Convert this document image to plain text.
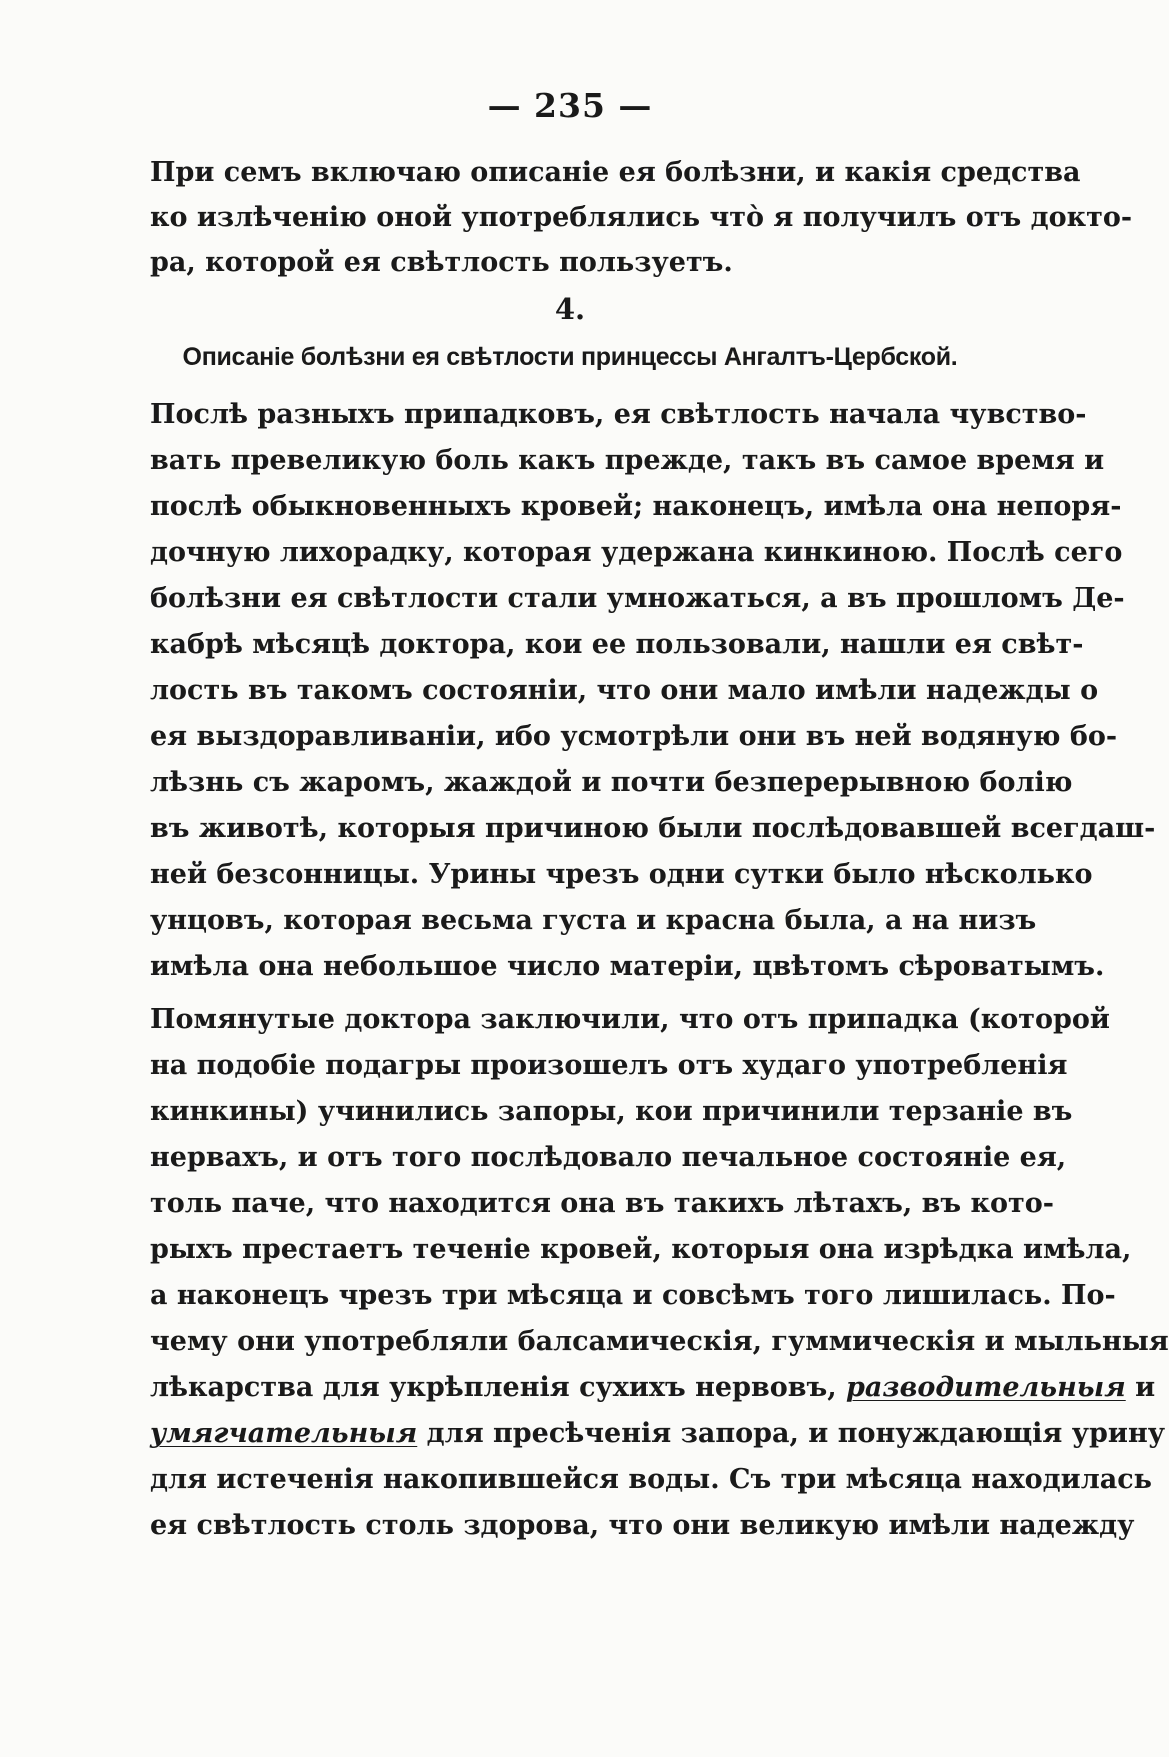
— 235 —
При семъ включаю описаніе ея болѣзни, и какія средства
ко излѣченію оной употреблялись чтò я получилъ отъ докто-
ра, которой ея свѣтлость пользуетъ.
4.
Описаніе болѣзни ея свѣтлости принцессы Ангалтъ-Цербской.
Послѣ разныхъ припадковъ, ея свѣтлость начала чувство-
вать превеликую боль какъ прежде, такъ въ самое время и
послѣ обыкновенныхъ кровей; наконецъ, имѣла она непоря-
дочную лихорадку, которая удержана кинкиною. Послѣ сего
болѣзни ея свѣтлости стали умножаться, а въ прошломъ Де-
кабрѣ мѣсяцѣ доктора, кои ее пользовали, нашли ея свѣт-
лость въ такомъ состояніи, что они мало имѣли надежды о
ея выздоравливаніи, ибо усмотрѣли они въ ней водяную бо-
лѣзнь съ жаромъ, жаждой и почти безперерывною болію
въ животѣ, которыя причиною были послѣдовавшей всегдаш-
ней безсонницы. Урины чрезъ одни сутки было нѣсколько
унцовъ, которая весьма густа и красна была, а на низъ
имѣла она небольшое число матеріи, цвѣтомъ сѣроватымъ.
Помянутые доктора заключили, что отъ припадка (которой
на подобіе подагры произошелъ отъ худаго употребленія
кинкины) учинились запоры, кои причинили терзаніе въ
нервахъ, и отъ того послѣдовало печальное состояніе ея,
толь паче, что находится она въ такихъ лѣтахъ, въ кото-
рыхъ престаетъ теченіе кровей, которыя она изрѣдка имѣла,
а наконецъ чрезъ три мѣсяца и совсѣмъ того лишилась. По-
чему они употребляли балсамическія, гуммическія и мыльныя
лѣкарства для укрѣпленія сухихъ нервовъ, разводительныя и
умягчательныя для пресѣченія запора, и понуждающія урину
для истеченія накопившейся воды. Съ три мѣсяца находилась
ея свѣтлость столь здорова, что они великую имѣли надежду
